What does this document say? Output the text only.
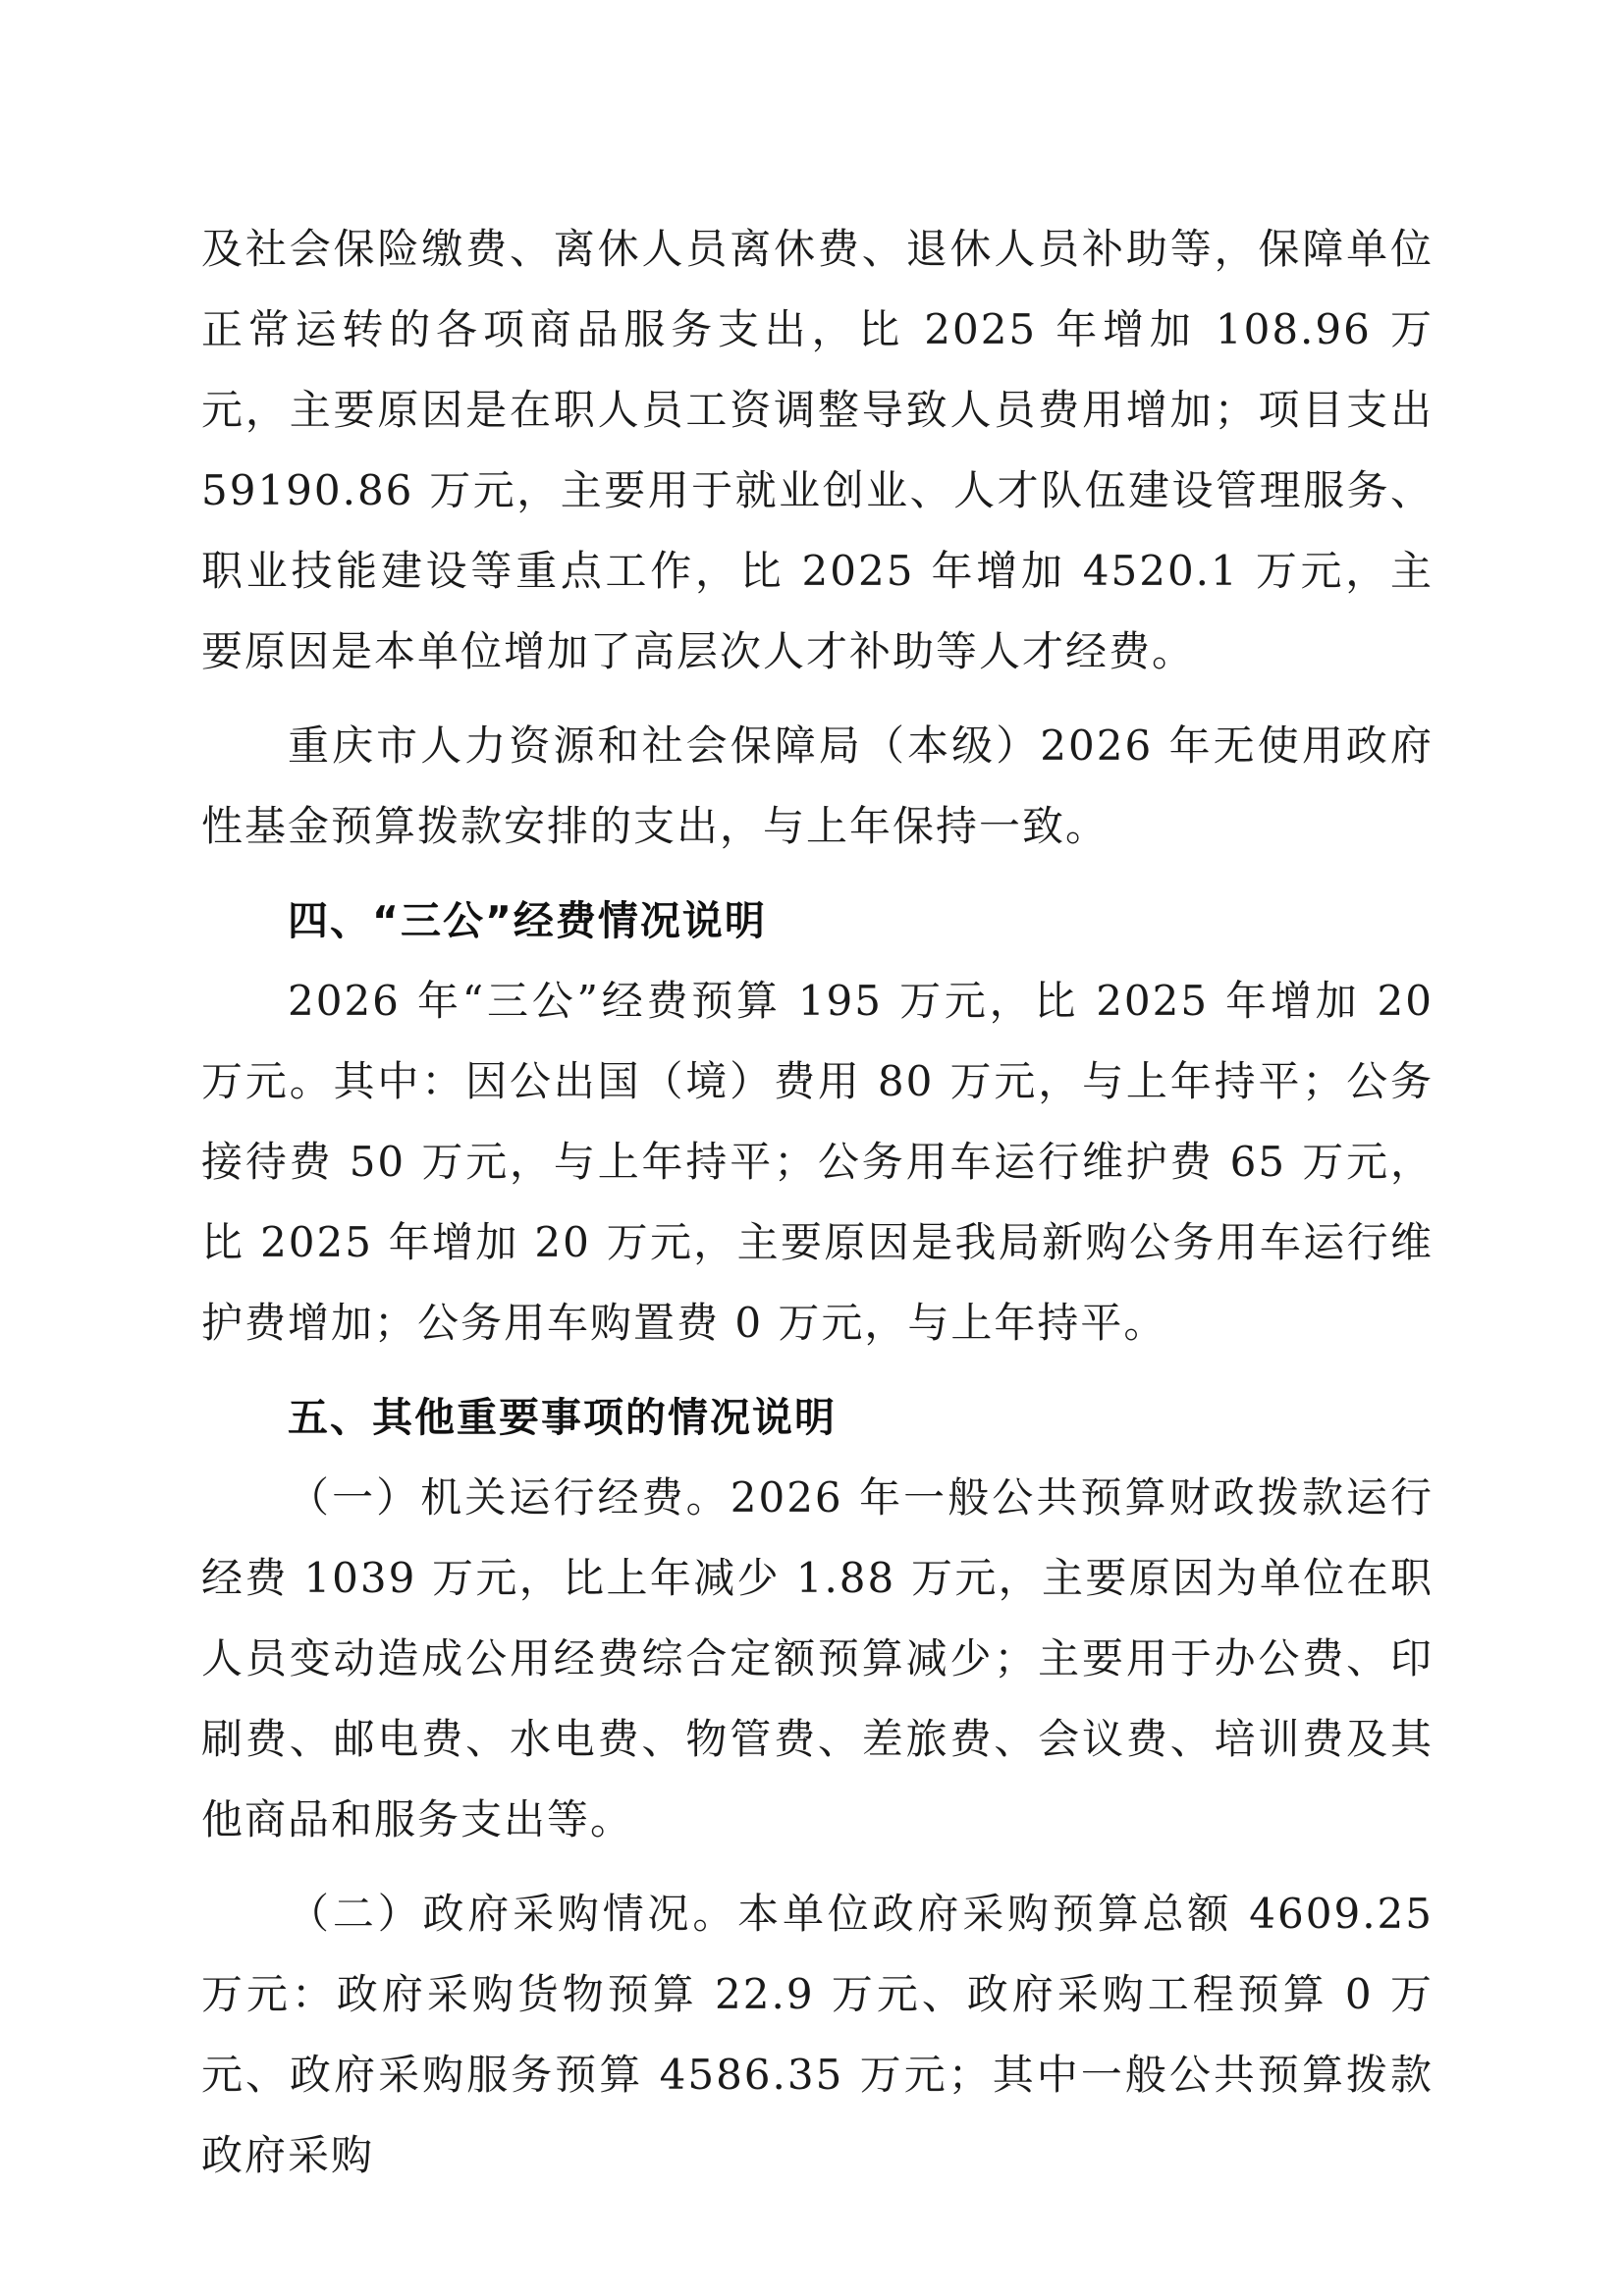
及社会保险缴费、离休人员离休费、退休人员补助等，保障单位正常运转的各项商品服务支出，比 2025 年增加 108.96 万元，主要原因是在职人员工资调整导致人员费用增加；项目支出 59190.86 万元，主要用于就业创业、人才队伍建设管理服务、职业技能建设等重点工作，比 2025 年增加 4520.1 万元，主要原因是本单位增加了高层次人才补助等人才经费。

重庆市人力资源和社会保障局（本级）2026 年无使用政府性基金预算拨款安排的支出，与上年保持一致。

四、“三公”经费情况说明

2026 年“三公”经费预算 195 万元，比 2025 年增加 20 万元。其中：因公出国（境）费用 80 万元，与上年持平；公务接待费 50 万元，与上年持平；公务用车运行维护费 65 万元，比 2025 年增加 20 万元，主要原因是我局新购公务用车运行维护费增加；公务用车购置费 0 万元，与上年持平。

五、其他重要事项的情况说明

（一）机关运行经费。2026 年一般公共预算财政拨款运行经费 1039 万元，比上年减少 1.88 万元，主要原因为单位在职人员变动造成公用经费综合定额预算减少；主要用于办公费、印刷费、邮电费、水电费、物管费、差旅费、会议费、培训费及其他商品和服务支出等。

（二）政府采购情况。本单位政府采购预算总额 4609.25 万元：政府采购货物预算 22.9 万元、政府采购工程预算 0 万元、政府采购服务预算 4586.35 万元；其中一般公共预算拨款政府采购
